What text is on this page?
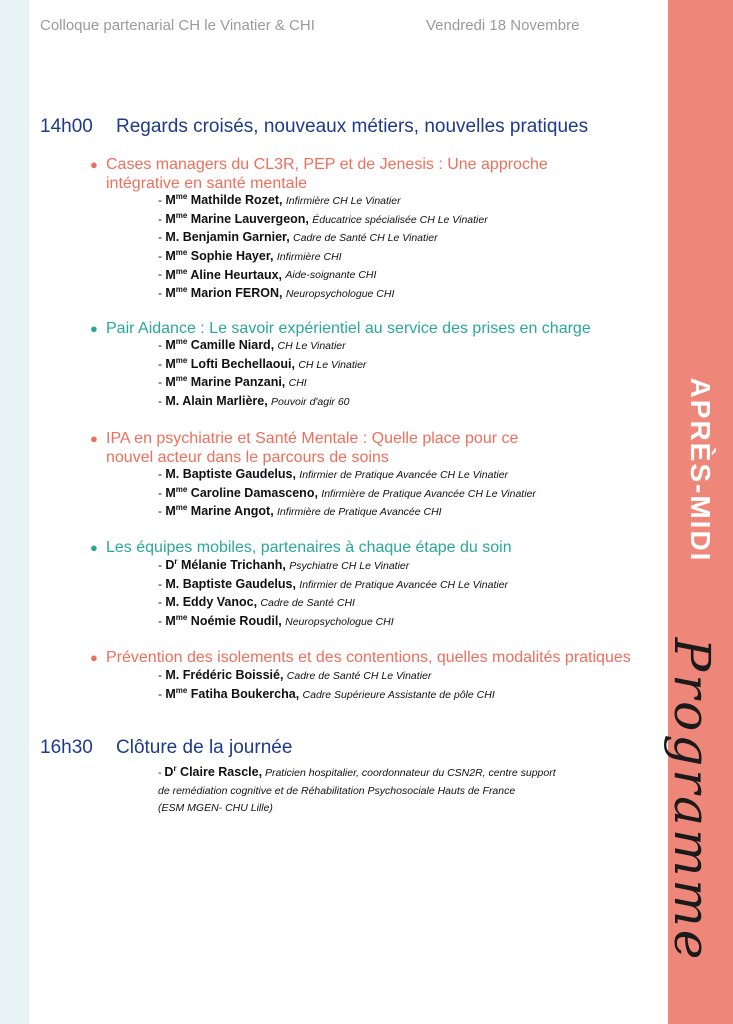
APRÈS-MIDI
Programme
Colloque partenarial CH le Vinatier & CHI	Vendredi 18 Novembre
14h00 Regards croisés, nouveaux métiers, nouvelles pratiques
● Cases managers du CL3R, PEP et de Jenesis : Une approche
intégrative en santé mentale
- $M^{me}$ Mathilde Rozet, Infirmière CH Le Vinatier
- $M^{me}$ Marine Lauvergeon, Éducatrice spécialisée CH Le Vinatier
- M. Benjamin Garnier, Cadre de Santé CH Le Vinatier
- $M^{me}$ Sophie Hayer, Infirmière CHI
- $M^{me}$ Aline Heurtaux, Aide-soignante CHI
- $M^{me}$ Marion FERON, Neuropsychologue CHI
● Pair Aidance : Le savoir expérientiel au service des prises en charge
- $M^{me}$ Camille Niard, CH Le Vinatier
- $M^{me}$ Lofti Bechellaoui, CH Le Vinatier
- $M^{me}$ Marine Panzani, CHI
- M. Alain Marlière, Pouvoir d'agir 60
● IPA en psychiatrie et Santé Mentale : Quelle place pour ce
nouvel acteur dans le parcours de soins
- M. Baptiste Gaudelus, Infirmier de Pratique Avancée CH Le Vinatier
- $M^{me}$ Caroline Damasceno, Infirmière de Pratique Avancée CH Le Vinatier
- $M^{me}$ Marine Angot, Infirmière de Pratique Avancée CHI
● Les équipes mobiles, partenaires à chaque étape du soin
- $D^r$ Mélanie Trichanh, Psychiatre CH Le Vinatier
- M. Baptiste Gaudelus, Infirmier de Pratique Avancée CH Le Vinatier
- M. Eddy Vanoc, Cadre de Santé CHI
- $M^{me}$ Noémie Roudil, Neuropsychologue CHI
● Prévention des isolements et des contentions, quelles modalités pratiques
- M. Frédéric Boissié, Cadre de Santé CH Le Vinatier
- $M^{me}$ Fatiha Boukercha, Cadre Supérieure Assistante de pôle CHI
16h30 Clôture de la journée
- $D^r$ Claire Rascle, Praticien hospitalier, coordonnateur du CSN2R, centre support
de remédiation cognitive et de Réhabilitation Psychosociale Hauts de France
(ESM MGEN- CHU Lille)
